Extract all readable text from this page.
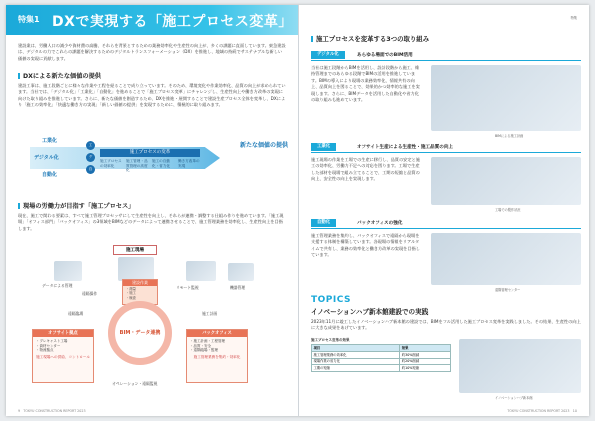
特集1 DXで実現する「施工プロセス変革」

建設業は、労働人口の減少や資材費の高騰、それらを背景とするための業務効率化や生産性の向上が、多くの課題に直面しています。東急建設は、デジタルの力でこれらの課題を解決するためのデジタルトランスフォーメーション（DX）を推進し、地域の持続でサステナブルな新しい価値の実現に貢献します。

DXによる新たな価値の提供

建設工事は、施工段階ごとに様々な作業や工程を経ることで成り立っています。そのため、環境変化や作業効率化、品質の向上が求められています。当社では、「デジタル化」「工業化」「自動化」を進めることで「施工プロセス変革」にチャレンジし、生産性向上や働き方改革の実現に向けた取り組みを推進しています。さらに、新たな価値を創造するため、DXを推進・展開することで建設生産プロセス全体を変革し、DXにより「施工の効率化」「快適な働き方の実現」「新しい価値の提供」を実現するために、積極的に取り組みます。

工業化
デジタル化
自動化
工
デ
自
施工プロセスの変革
施工プロセスの効率化
施工管理・品質管理の高度化
施工の自動化・省力化
働き方改革の実現
新たな価値の提供
現場の労働力が目指す「施工プロセス」

現在、施工で関わる要素は、すべて施工管理プロセッサにして生産性を向上し、それらが連携・調整する仕組み作りを進めています。「施工現場」「オフィス部門」「バックオフィス」の3領域をBIMなどのデータによって連携させることで、施工管理業務を効率化し、生産性向上を目指します。

施工現場
建設作業
・測量
・施工
・検査
データによる管理
遠隔操作
リモート監視	機器管理
遠隔臨場	施工計画
BIM・データ連携
オフサイト拠点
・プレキャスト工場
・資材センター
・物流拠点
施工現場への供給、コントロール
バックオフィス
・施工計画・工程管理
・品質・安全
・遠隔臨場・監理
施工管理業務を集約・効率化
オペレーション・遠隔監視
9　TOKYU CONSTRUCTION REPORT 2023
特集
施工プロセスを変革する3つの取り組み
デジタル化	あらゆる場面でのBIM活用

当社は施工段階からBIMを活用し、設計段階から施工、維持管理までのあらゆる段階でBIMの活用を推進しています。BIMの導入により現場の業務効率化、情報共有の向上、品質向上を図ることで、効果的かつ効率的な施工を実現します。さらに、BIMデータを活用した自動化や省力化の取り組みも進めています。

BIMによる施工計画
工業化	オフサイト生産による生産性・施工品質の向上

施工現場の作業を工場での生産に移行し、品質の安定と施工の効率化、労働力不足への対応を図ります。工場で生産した部材を現場で組み立てることで、工期の短縮と品質の向上、安全性の向上を実現します。

工場での製作状況
自動化	バックオフィスの強化

施工管理業務を集約し、バックオフィスで遠隔から現場を支援する体制を構築しています。各現場の情報をリアルタイムで共有し、業務の効率化と働き方改革の実現を目指しています。

遠隔管理センター
TOPICS
イノベーションハブ新本館建設での実践

2023年11月に竣工したイノベーションハブ新本館の建設では、BIMをフル活用した施工プロセス変革を実践しました。その結果、生産性の向上に大きな成果をあげています。

施工プロセス変革の効果
項目	効果
施工管理業務の効率化	約30%削減
現場作業の省力化	約20%削減
工期の短縮	約10%短縮
イノベーションハブ新本館
TOKYU CONSTRUCTION REPORT 2023　10
